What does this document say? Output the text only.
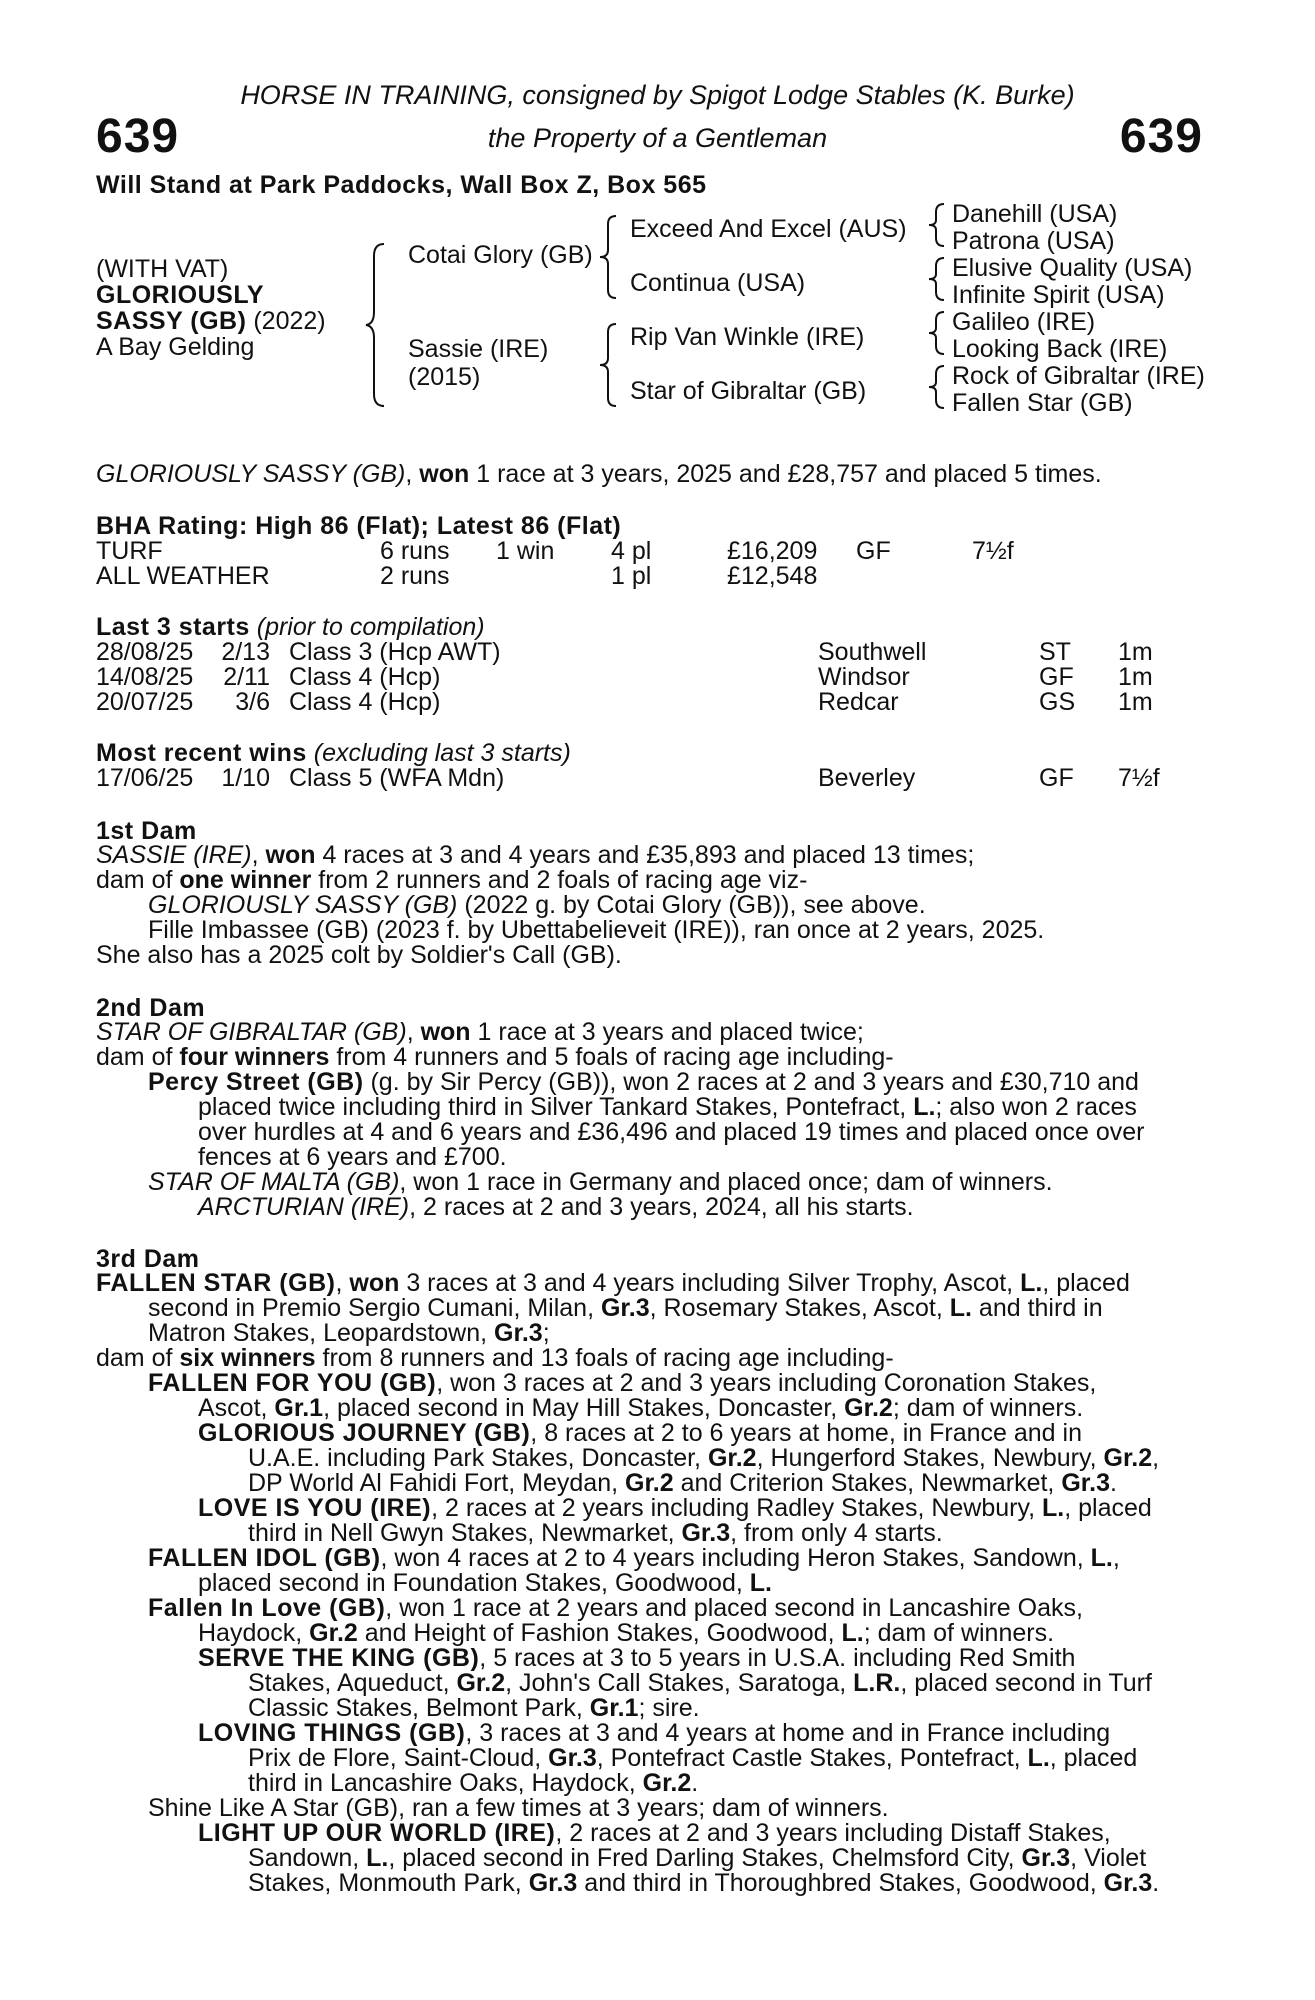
639	639
HORSE IN TRAINING, consigned by Spigot Lodge Stables (K. Burke)
the Property of a Gentleman
Will Stand at Park Paddocks, Wall Box Z, Box 565
(WITH VAT)
GLORIOUSLY
SASSY (GB) (2022)
A Bay Gelding
Cotai Glory (GB)
Sassie (IRE)
(2015)
Exceed And Excel (AUS)
Continua (USA)
Rip Van Winkle (IRE)
Star of Gibraltar (GB)
Danehill (USA)
Patrona (USA)
Elusive Quality (USA)
Infinite Spirit (USA)
Galileo (IRE)
Looking Back (IRE)
Rock of Gibraltar (IRE)
Fallen Star (GB)
GLORIOUSLY SASSY (GB), won 1 race at 3 years, 2025 and £28,757 and placed 5 times.
BHA Rating: High 86 (Flat); Latest 86 (Flat)
TURF	6 runs 1 win 4 pl	£16,209 GF	7½f
ALL WEATHER	2 runs	1 pl	£12,548
Last 3 starts (prior to compilation)
28/08/25	2/13 Class 3 (Hcp AWT)	Southwell	ST 1m
14/08/25	2/11 Class 4 (Hcp)	Windsor	GF 1m
20/07/25	3/6 Class 4 (Hcp)	Redcar	GS 1m
Most recent wins (excluding last 3 starts)
17/06/25	1/10 Class 5 (WFA Mdn)	Beverley	GF 7½f
1st Dam
SASSIE (IRE), won 4 races at 3 and 4 years and £35,893 and placed 13 times;
dam of one winner from 2 runners and 2 foals of racing age viz-
GLORIOUSLY SASSY (GB) (2022 g. by Cotai Glory (GB)), see above.
Fille Imbassee (GB) (2023 f. by Ubettabelieveit (IRE)), ran once at 2 years, 2025.
She also has a 2025 colt by Soldier's Call (GB).
2nd Dam
STAR OF GIBRALTAR (GB), won 1 race at 3 years and placed twice;
dam of four winners from 4 runners and 5 foals of racing age including-
Percy Street (GB) (g. by Sir Percy (GB)), won 2 races at 2 and 3 years and £30,710 and
placed twice including third in Silver Tankard Stakes, Pontefract, L.; also won 2 races
over hurdles at 4 and 6 years and £36,496 and placed 19 times and placed once over
fences at 6 years and £700.
STAR OF MALTA (GB), won 1 race in Germany and placed once; dam of winners.
ARCTURIAN (IRE), 2 races at 2 and 3 years, 2024, all his starts.
3rd Dam
FALLEN STAR (GB), won 3 races at 3 and 4 years including Silver Trophy, Ascot, L., placed
second in Premio Sergio Cumani, Milan, Gr.3, Rosemary Stakes, Ascot, L. and third in
Matron Stakes, Leopardstown, Gr.3;
dam of six winners from 8 runners and 13 foals of racing age including-
FALLEN FOR YOU (GB), won 3 races at 2 and 3 years including Coronation Stakes,
Ascot, Gr.1, placed second in May Hill Stakes, Doncaster, Gr.2; dam of winners.
GLORIOUS JOURNEY (GB), 8 races at 2 to 6 years at home, in France and in
U.A.E. including Park Stakes, Doncaster, Gr.2, Hungerford Stakes, Newbury, Gr.2,
DP World Al Fahidi Fort, Meydan, Gr.2 and Criterion Stakes, Newmarket, Gr.3.
LOVE IS YOU (IRE), 2 races at 2 years including Radley Stakes, Newbury, L., placed
third in Nell Gwyn Stakes, Newmarket, Gr.3, from only 4 starts.
FALLEN IDOL (GB), won 4 races at 2 to 4 years including Heron Stakes, Sandown, L.,
placed second in Foundation Stakes, Goodwood, L.
Fallen In Love (GB), won 1 race at 2 years and placed second in Lancashire Oaks,
Haydock, Gr.2 and Height of Fashion Stakes, Goodwood, L.; dam of winners.
SERVE THE KING (GB), 5 races at 3 to 5 years in U.S.A. including Red Smith
Stakes, Aqueduct, Gr.2, John's Call Stakes, Saratoga, L.R., placed second in Turf
Classic Stakes, Belmont Park, Gr.1; sire.
LOVING THINGS (GB), 3 races at 3 and 4 years at home and in France including
Prix de Flore, Saint-Cloud, Gr.3, Pontefract Castle Stakes, Pontefract, L., placed
third in Lancashire Oaks, Haydock, Gr.2.
Shine Like A Star (GB), ran a few times at 3 years; dam of winners.
LIGHT UP OUR WORLD (IRE), 2 races at 2 and 3 years including Distaff Stakes,
Sandown, L., placed second in Fred Darling Stakes, Chelmsford City, Gr.3, Violet
Stakes, Monmouth Park, Gr.3 and third in Thoroughbred Stakes, Goodwood, Gr.3.
